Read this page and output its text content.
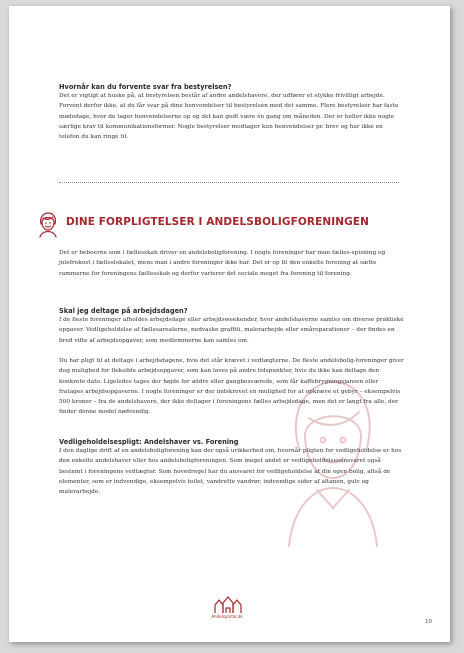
Hvornår kan du forvente svar fra bestyrelsen?

Det er vigtigt at huske på, at bestyrelsen består af andre andelshavere, der udfører et stykke frivilligt arbejde. Forvent derfor ikke, at du får svar på dine henvendelser til bestyrelsen med det samme. Flere bestyrelser har faste mødedage, hvor de tager henvendelserne op og det kan godt være én gang om måneden. Der er heller ikke nogle særlige krav til kommunikationsformer. Nogle bestyrelser modtager kun henvendelser pr. brev og har ikke en telefon du kan ringe til.

DINE FORPLIGTELSER I ANDELSBOLIGFORENINGEN

Det er beboerne som i fællesskab driver en andelsboligforening. I nogle foreninger har man fælles-spisning og julefrokost i fælleslokalet, mens man i andre foreninger ikke har. Det er op til den enkelte forening at sætte rammerne for foreningens fællesskab og derfor varierer det sociale meget fra forening til forening.

Skal jeg deltage på arbejdsdagen?

I de fleste foreninger afholdes arbejdsdage eller arbejdsweekender, hvor andelshaverne samles om diverse praktiske opgaver. Vedligeholdelse af fællesarealerne, nedvaske graffiti, malerarbejde eller småreparationer – der findes en bred vifte af arbejdsopgaver, som medlemmerne kan samles om.

Du har pligt til at deltage i arbejdsdagene, hvis det står krævet i vedtægterne. De fleste andelsbolig-foreninger giver dog mulighed for fleksible arbejdsopgaver, som kan laves på andre tidspunkter, hvis du ikke kan deltage den konkrete dato. Ligeledes tages der højde for ældre eller gangbesværede, som får kaffebrygningsjansen eller fratages arbejdsopgaverne. I nogle foreninger er der indskrevet en mulighed for at opkræve et gebyr – eksempelvis 500 kroner – fra de andelshavere, der ikke deltager i foreningens fælles arbejdsdage, men det er langt fra alle, der finder denne model nødvendig.

Vedligeholdelsespligt: Andelshaver vs. Forening

I den daglige drift af en andelsboligforening kan der også urikkerhed om, hvornår pligten for vedligeholdelse er hos den enkelte andelshaver eller hos andelsboligforeningen. Som meget andet er vedligeholdelsesansvaret også bestemt i foreningens vedtægter. Som hovedregel har du ansvaret for vedligeholdelse af din egen bolig, altså de elementer, som er indvendige, eksempelvis toilet, vandrette vandrør, indvendige sider af altanen, gulv og malerarbejde.

Andelsportal.dk
10
